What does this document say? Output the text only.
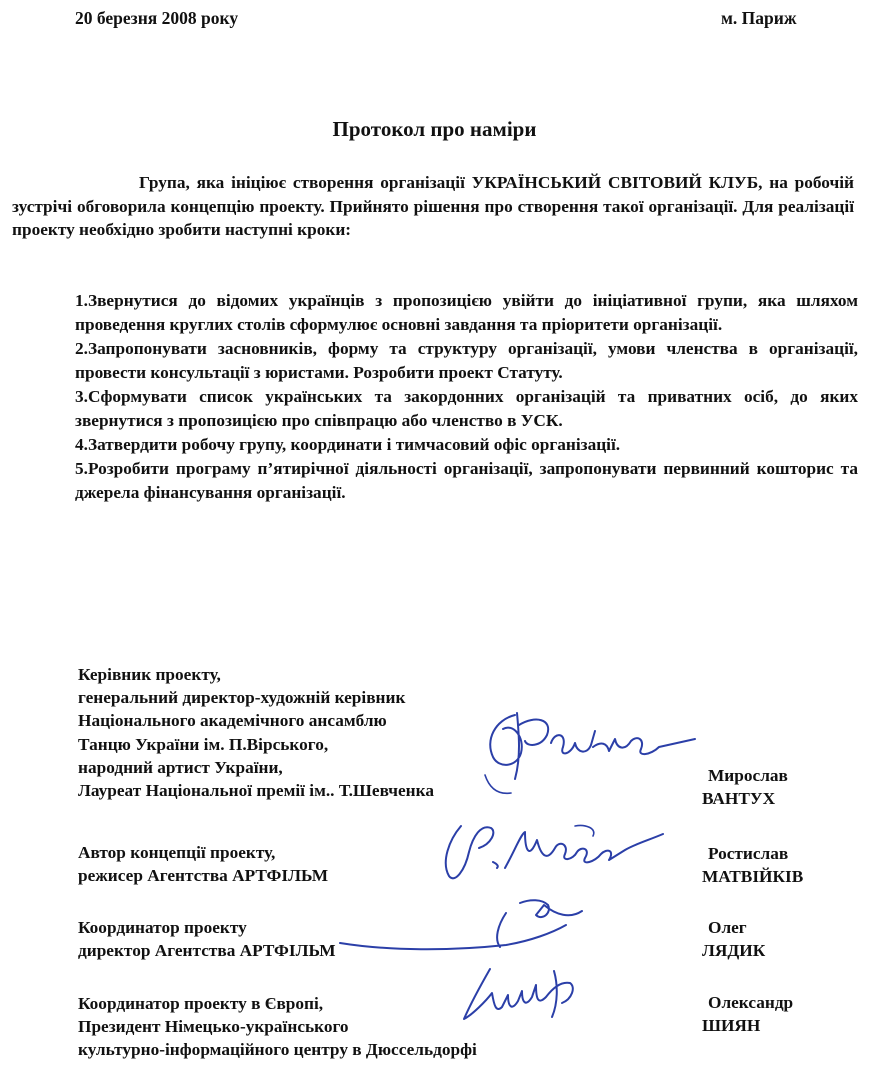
20 березня 2008 року	м. Париж
Протокол про наміри

Група, яка ініціює створення організації УКРАЇНСЬКИЙ СВІТОВИЙ КЛУБ, на робочій зустрічі обговорила концепцію проекту. Прийнято рішення про створення такої організації. Для реалізації проекту необхідно зробити наступні кроки:

1.Звернутися до відомих українців з пропозицією увійти до ініціативної групи, яка шляхом проведення круглих столів сформулює основні завдання та пріоритети організації.
2.Запропонувати засновників, форму та структуру організації, умови членства в організації, провести консультації з юристами. Розробити проект Статуту.
3.Сформувати список українських та закордонних організацій та приватних осіб, до яких звернутися з пропозицією про співпрацю або членство в УСК.
4.Затвердити робочу групу, координати і тимчасовий офіс організації.
5.Розробити програму п’ятирічної діяльності організації, запропонувати первинний кошторис та джерела фінансування організації.
Керівник проекту,
генеральний директор-художній керівник
Національного академічного ансамблю
Танцю України ім. П.Вірського,
народний артист України,
Лауреат Національної премії ім.. Т.Шевченка
Мирослав
ВАНТУХ
Автор концепції проекту,
режисер Агентства АРТФІЛЬМ
Ростислав
МАТВІЙКІВ
Координатор проекту
директор Агентства АРТФІЛЬМ
Олег
ЛЯДИК
Координатор проекту в Європі,
Президент Німецько-українського
культурно-інформаційного центру в Дюссельдорфі
Олександр
ШИЯН
